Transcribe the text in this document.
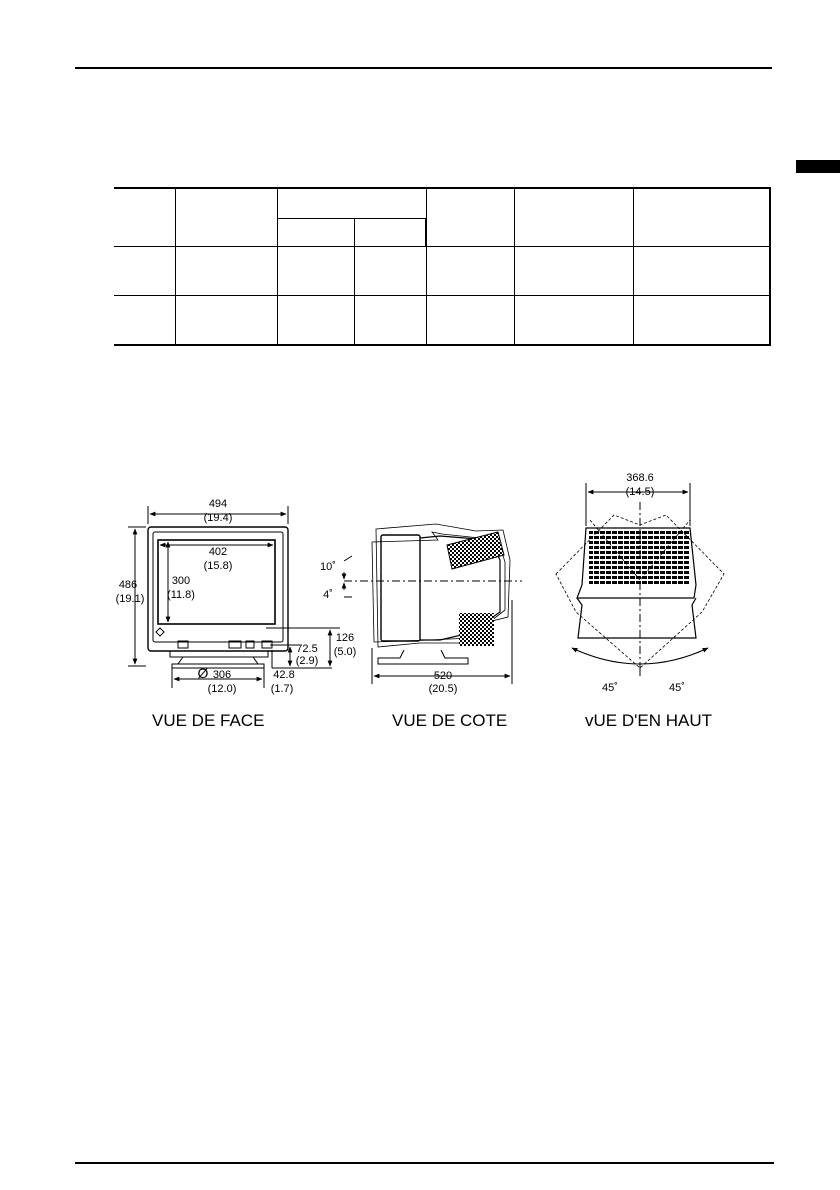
494
(19.4)
402
(15.8)
300
(11.8)
486
(19.1)
72.5
(2.9)
126
(5.0)
Ø 306
(12.0)
42.8
(1.7)
10˚
4˚
520
(20.5)
368.6
(14.5)
45˚	45˚
VUE DE FACE	VUE DE COTE	vUE D'EN HAUT
